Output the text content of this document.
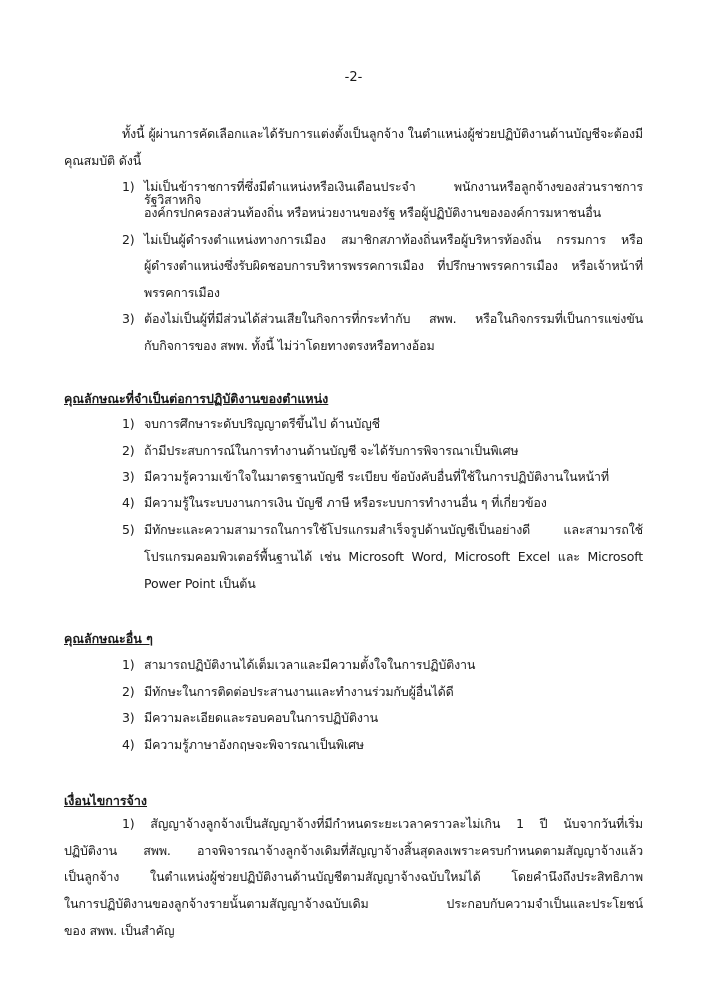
-2-
ทั้งนี้ ผู้ผ่านการคัดเลือกและได้รับการแต่งตั้งเป็นลูกจ้าง ในตำแหน่งผู้ช่วยปฏิบัติงานด้านบัญชีจะต้องมี
คุณสมบัติ ดังนี้
1) ไม่เป็นข้าราชการที่ซึ่งมีตำแหน่งหรือเงินเดือนประจำ พนักงานหรือลูกจ้างของส่วนราชการ รัฐวิสาหกิจ
องค์กรปกครองส่วนท้องถิ่น หรือหน่วยงานของรัฐ หรือผู้ปฏิบัติงานขององค์การมหาชนอื่น
2) ไม่เป็นผู้ดำรงตำแหน่งทางการเมือง สมาชิกสภาท้องถิ่นหรือผู้บริหารท้องถิ่น กรรมการ หรือ
ผู้ดำรงตำแหน่งซึ่งรับผิดชอบการบริหารพรรคการเมือง ที่ปรึกษาพรรคการเมือง หรือเจ้าหน้าที่
พรรคการเมือง
3) ต้องไม่เป็นผู้ที่มีส่วนได้ส่วนเสียในกิจการที่กระทำกับ สพพ. หรือในกิจกรรมที่เป็นการแข่งขัน
กับกิจการของ สพพ. ทั้งนี้ ไม่ว่าโดยทางตรงหรือทางอ้อม
คุณลักษณะที่จำเป็นต่อการปฏิบัติงานของตำแหน่ง
1) จบการศึกษาระดับปริญญาตรีขึ้นไป ด้านบัญชี
2) ถ้ามีประสบการณ์ในการทำงานด้านบัญชี จะได้รับการพิจารณาเป็นพิเศษ
3) มีความรู้ความเข้าใจในมาตรฐานบัญชี ระเบียบ ข้อบังคับอื่นที่ใช้ในการปฏิบัติงานในหน้าที่
4) มีความรู้ในระบบงานการเงิน บัญชี ภาษี หรือระบบการทำงานอื่น ๆ ที่เกี่ยวข้อง
5) มีทักษะและความสามารถในการใช้โปรแกรมสำเร็จรูปด้านบัญชีเป็นอย่างดี และสามารถใช้
โปรแกรมคอมพิวเตอร์พื้นฐานได้ เช่น Microsoft Word, Microsoft Excel และ Microsoft
Power Point เป็นต้น
คุณลักษณะอื่น ๆ
1) สามารถปฏิบัติงานได้เต็มเวลาและมีความตั้งใจในการปฏิบัติงาน
2) มีทักษะในการติดต่อประสานงานและทำงานร่วมกับผู้อื่นได้ดี
3) มีความละเอียดและรอบคอบในการปฏิบัติงาน
4) มีความรู้ภาษาอังกฤษจะพิจารณาเป็นพิเศษ
เงื่อนไขการจ้าง
1) สัญญาจ้างลูกจ้างเป็นสัญญาจ้างที่มีกำหนดระยะเวลาคราวละไม่เกิน 1 ปี นับจากวันที่เริ่ม
ปฏิบัติงาน สพพ. อาจพิจารณาจ้างลูกจ้างเดิมที่สัญญาจ้างสิ้นสุดลงเพราะครบกำหนดตามสัญญาจ้างแล้ว
เป็นลูกจ้าง ในตำแหน่งผู้ช่วยปฏิบัติงานด้านบัญชีตามสัญญาจ้างฉบับใหม่ได้ โดยคำนึงถึงประสิทธิภาพ
ในการปฏิบัติงานของลูกจ้างรายนั้นตามสัญญาจ้างฉบับเดิม ประกอบกับความจำเป็นและประโยชน์
ของ สพพ. เป็นสำคัญ
